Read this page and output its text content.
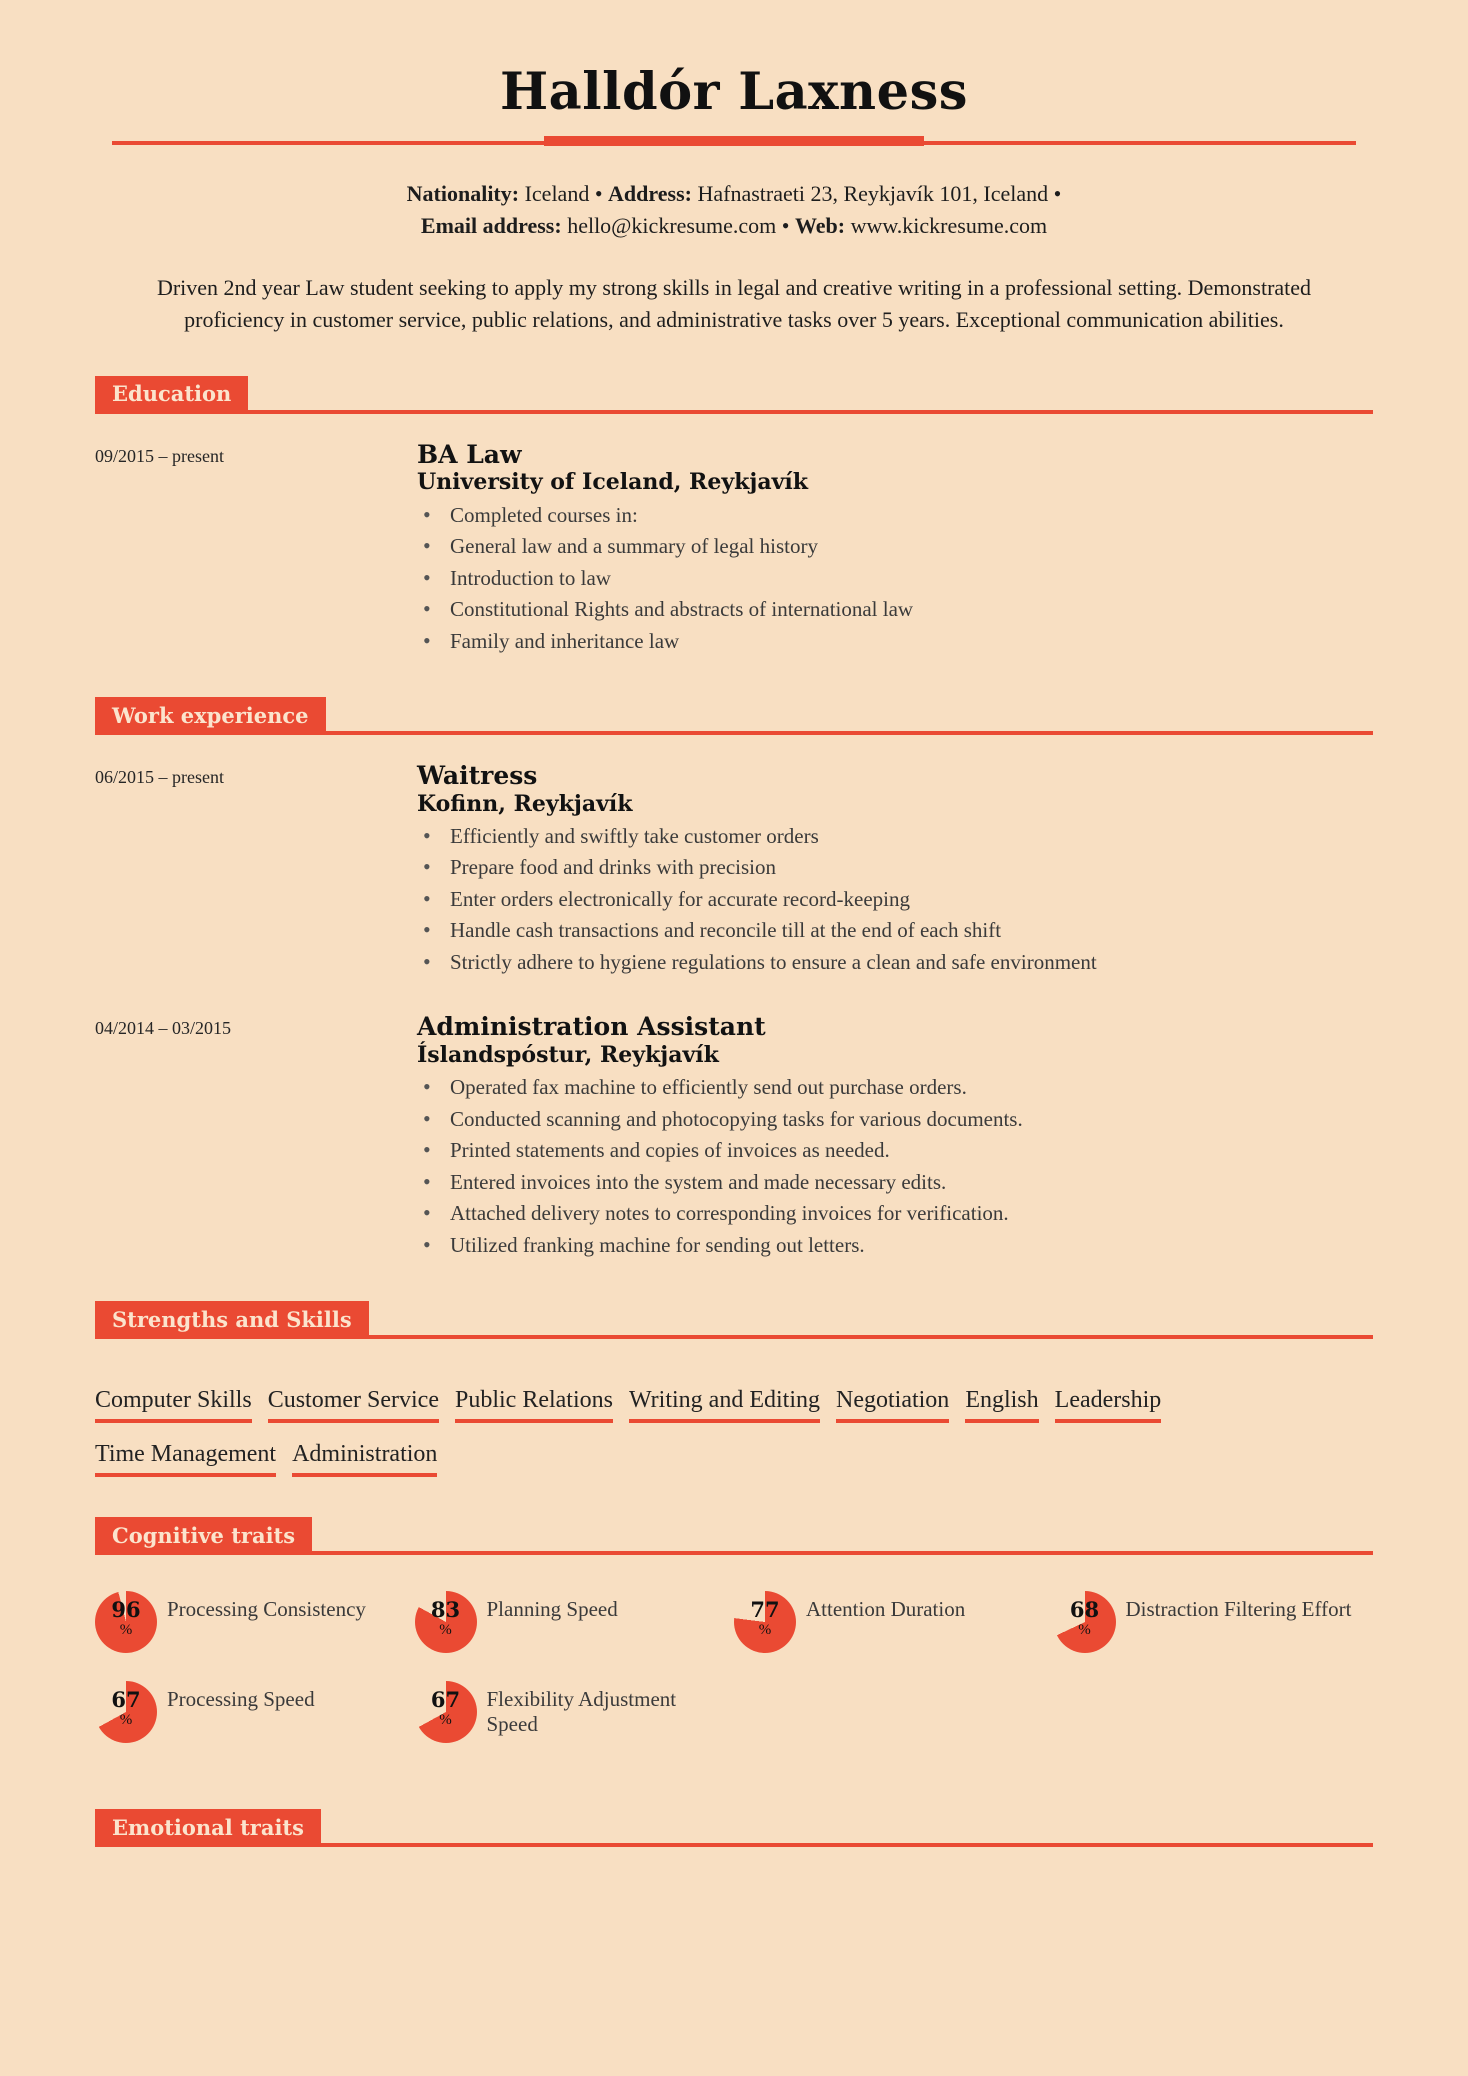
Halldór Laxness
Nationality: Iceland • Address: Hafnastraeti 23, Reykjavík 101, Iceland •
Email address: hello@kickresume.com • Web: www.kickresume.com
Driven 2nd year Law student seeking to apply my strong skills in legal and creative writing in a professional setting. Demonstrated proficiency in customer service, public relations, and administrative tasks over 5 years. Exceptional communication abilities.
Education
09/2015 – present	BA Law
University of Iceland, Reykjavík
• Completed courses in:
• General law and a summary of legal history
• Introduction to law
• Constitutional Rights and abstracts of international law
• Family and inheritance law
Work experience
06/2015 – present	Waitress
Kofinn, Reykjavík
• Efficiently and swiftly take customer orders
• Prepare food and drinks with precision
• Enter orders electronically for accurate record-keeping
• Handle cash transactions and reconcile till at the end of each shift
• Strictly adhere to hygiene regulations to ensure a clean and safe environment
04/2014 – 03/2015	Administration Assistant
Íslandspóstur, Reykjavík
• Operated fax machine to efficiently send out purchase orders.
• Conducted scanning and photocopying tasks for various documents.
• Printed statements and copies of invoices as needed.
• Entered invoices into the system and made necessary edits.
• Attached delivery notes to corresponding invoices for verification.
• Utilized franking machine for sending out letters.
Strengths and Skills
Computer Skills Customer Service Public Relations Writing and Editing Negotiation English Leadership
Time Management Administration
Cognitive traits
96
%
Processing Consistency	83
%
Planning Speed	77
%
Attention Duration	68
%
Distraction Filtering Effort
67
%
Processing Speed	67
%
Flexibility Adjustment Speed
Emotional traits
